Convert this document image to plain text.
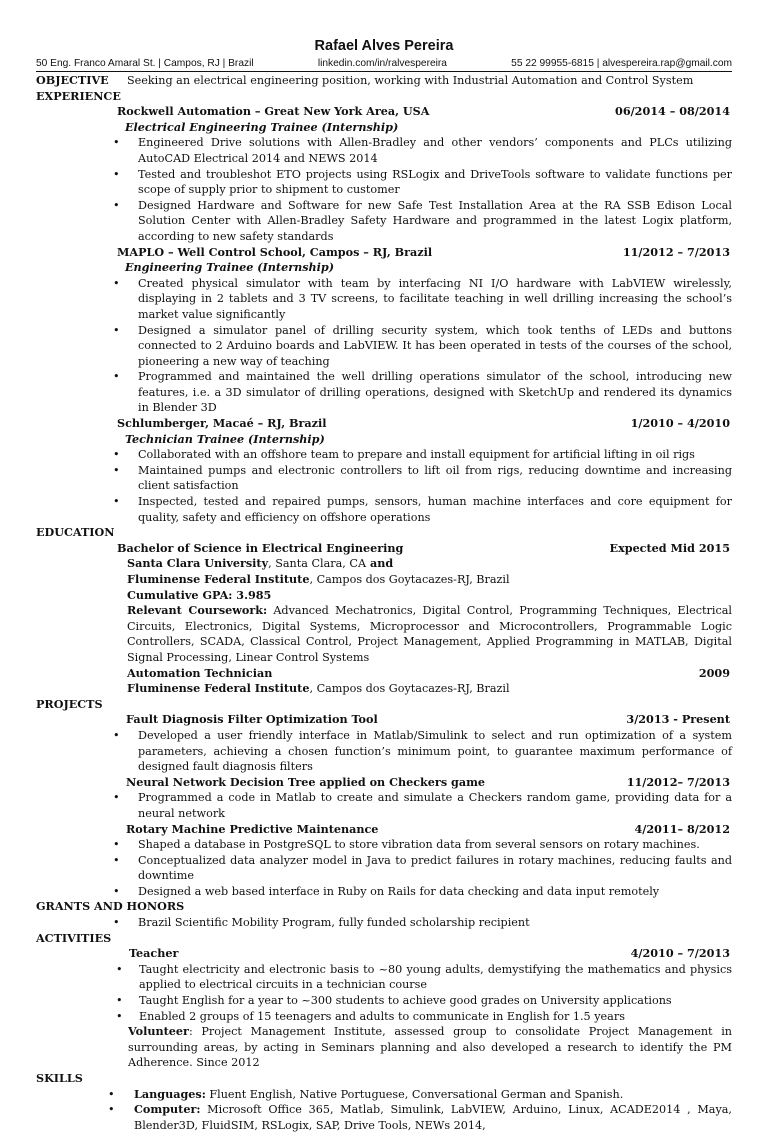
Rafael Alves Pereira
50 Eng. Franco Amaral St. | Campos, RJ | Brazil	linkedin.com/in/ralvespereira	55 22 99955-6815 | alvespereira.rap@gmail.com
OBJECTIVE	Seeking an electrical engineering position, working with Industrial Automation and Control System
EXPERIENCE
Rockwell Automation – Great New York Area, USA	06/2014 – 08/2014
Electrical Engineering Trainee (Internship)
• Engineered Drive solutions with Allen-Bradley and other vendors’ components and PLCs utilizing AutoCAD Electrical 2014 and NEWS 2014
• Tested and troubleshot ETO projects using RSLogix and DriveTools software to validate functions per scope of supply prior to shipment to customer
• Designed Hardware and Software for new Safe Test Installation Area at the RA SSB Edison Local Solution Center with Allen-Bradley Safety Hardware and programmed in the latest Logix platform, according to new safety standards
MAPLO – Well Control School, Campos – RJ, Brazil	11/2012 – 7/2013
Engineering Trainee (Internship)
• Created physical simulator with team by interfacing NI I/O hardware with LabVIEW wirelessly, displaying in 2 tablets and 3 TV screens, to facilitate teaching in well drilling increasing the school’s market value significantly
• Designed a simulator panel of drilling security system, which took tenths of LEDs and buttons connected to 2 Arduino boards and LabVIEW. It has been operated in tests of the courses of the school, pioneering a new way of teaching
• Programmed and maintained the well drilling operations simulator of the school, introducing new features, i.e. a 3D simulator of drilling operations, designed with SketchUp and rendered its dynamics in Blender 3D
Schlumberger, Macaé – RJ, Brazil	1/2010 – 4/2010
Technician Trainee (Internship)
• Collaborated with an offshore team to prepare and install equipment for artificial lifting in oil rigs
• Maintained pumps and electronic controllers to lift oil from rigs, reducing downtime and increasing client satisfaction
• Inspected, tested and repaired pumps, sensors, human machine interfaces and core equipment for quality, safety and efficiency on offshore operations
EDUCATION
Bachelor of Science in Electrical Engineering	Expected Mid 2015
Santa Clara University, Santa Clara, CA and
Fluminense Federal Institute, Campos dos Goytacazes-RJ, Brazil
Cumulative GPA: 3.985
Relevant Coursework: Advanced Mechatronics, Digital Control, Programming Techniques, Electrical Circuits, Electronics, Digital Systems, Microprocessor and Microcontrollers, Programmable Logic Controllers, SCADA, Classical Control, Project Management, Applied Programming in MATLAB, Digital Signal Processing, Linear Control Systems
Automation Technician	2009
Fluminense Federal Institute, Campos dos Goytacazes-RJ, Brazil
PROJECTS
Fault Diagnosis Filter Optimization Tool	3/2013 - Present
• Developed a user friendly interface in Matlab/Simulink to select and run optimization of a system parameters, achieving a chosen function’s minimum point, to guarantee maximum performance of designed fault diagnosis filters
Neural Network Decision Tree applied on Checkers game	11/2012– 7/2013
• Programmed a code in Matlab to create and simulate a Checkers random game, providing data for a neural network
Rotary Machine Predictive Maintenance	4/2011– 8/2012
• Shaped a database in PostgreSQL to store vibration data from several sensors on rotary machines.
• Conceptualized data analyzer model in Java to predict failures in rotary machines, reducing faults and downtime
• Designed a web based interface in Ruby on Rails for data checking and data input remotely
GRANTS AND HONORS
• Brazil Scientific Mobility Program, fully funded scholarship recipient
ACTIVITIES
Teacher	4/2010 – 7/2013
• Taught electricity and electronic basis to ~80 young adults, demystifying the mathematics and physics applied to electrical circuits in a technician course
• Taught English for a year to ~300 students to achieve good grades on University applications
• Enabled 2 groups of 15 teenagers and adults to communicate in English for 1.5 years
Volunteer: Project Management Institute, assessed group to consolidate Project Management in surrounding areas, by acting in Seminars planning and also developed a research to identify the PM Adherence. Since 2012
SKILLS
• Languages: Fluent English, Native Portuguese, Conversational German and Spanish.
• Computer: Microsoft Office 365, Matlab, Simulink, LabVIEW, Arduino, Linux, ACADE2014 , Maya, Blender3D, FluidSIM, RSLogix, SAP, Drive Tools, NEWs 2014,
